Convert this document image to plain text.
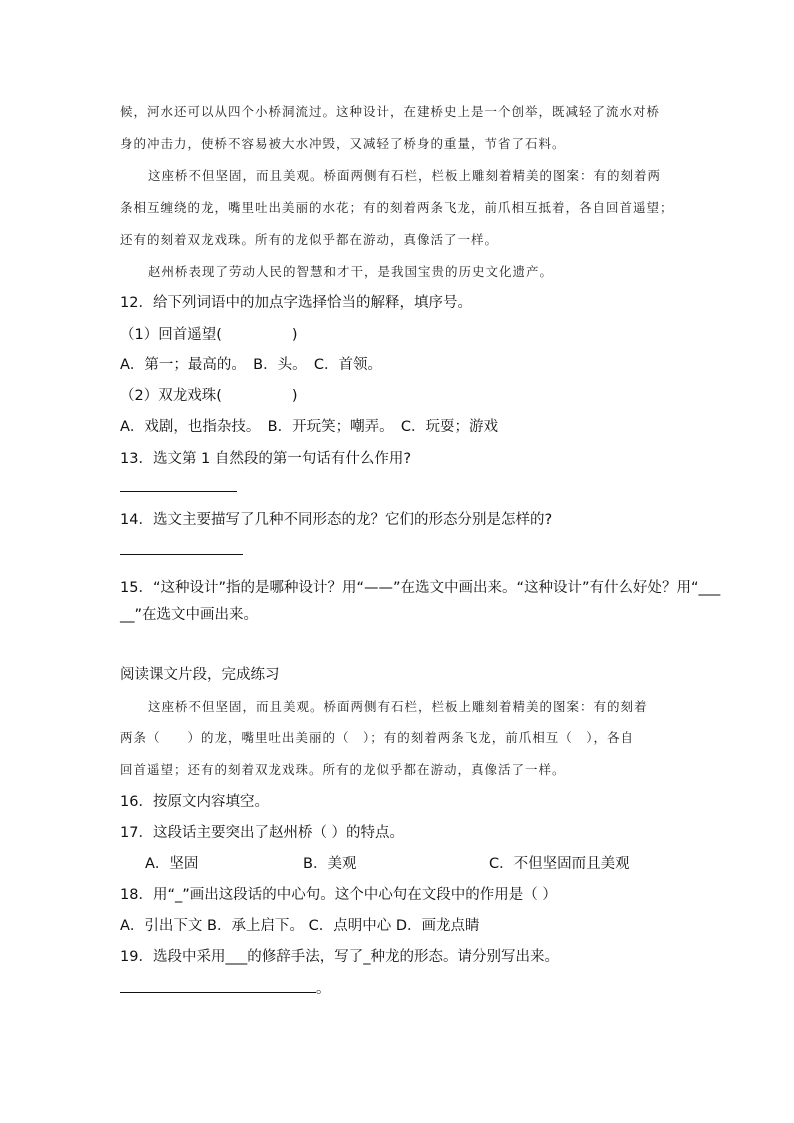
候，河水还可以从四个小桥洞流过。这种设计，在建桥史上是一个创举，既减轻了流水对桥
身的冲击力，使桥不容易被大水冲毁，又减轻了桥身的重量，节省了石料。
这座桥不但坚固，而且美观。桥面两侧有石栏，栏板上雕刻着精美的图案：有的刻着两
条相互缠绕的龙，嘴里吐出美丽的水花；有的刻着两条飞龙，前爪相互抵着，各自回首遥望；
还有的刻着双龙戏珠。所有的龙似乎都在游动，真像活了一样。
赵州桥表现了劳动人民的智慧和才干，是我国宝贵的历史文化遗产。
12．给下列词语中的加点字选择恰当的解释，填序号。
（1）回首遥望(	)
A．第一；最高的。　B．头。　C．首领。
（2）双龙戏珠(	)
A．戏剧，也指杂技。　B．开玩笑；嘲弄。　C．玩耍；游戏
13．选文第 1 自然段的第一句话有什么作用?
14．选文主要描写了几种不同形态的龙？它们的形态分别是怎样的?
15．“这种设计”指的是哪种设计？用“——”在选文中画出来。“这种设计”有什么好处？用“___
__”在选文中画出来。
阅读课文片段，完成练习
这座桥不但坚固，而且美观。桥面两侧有石栏，栏板上雕刻着精美的图案：有的刻着
两条（　　）的龙，嘴里吐出美丽的（　）；有的刻着两条飞龙，前爪相互（　），各自
回首遥望；还有的刻着双龙戏珠。所有的龙似乎都在游动，真像活了一样。
16．按原文内容填空。
17．这段话主要突出了赵州桥（ ）的特点。
A．坚固	B．美观	C．不但坚固而且美观
18．用“_”画出这段话的中心句。这个中心句在文段中的作用是（ ）
A．引出下文 B．承上启下。 C．点明中心 D．画龙点睛
19．选段中采用___的修辞手法，写了_种龙的形态。请分别写出来。
。
